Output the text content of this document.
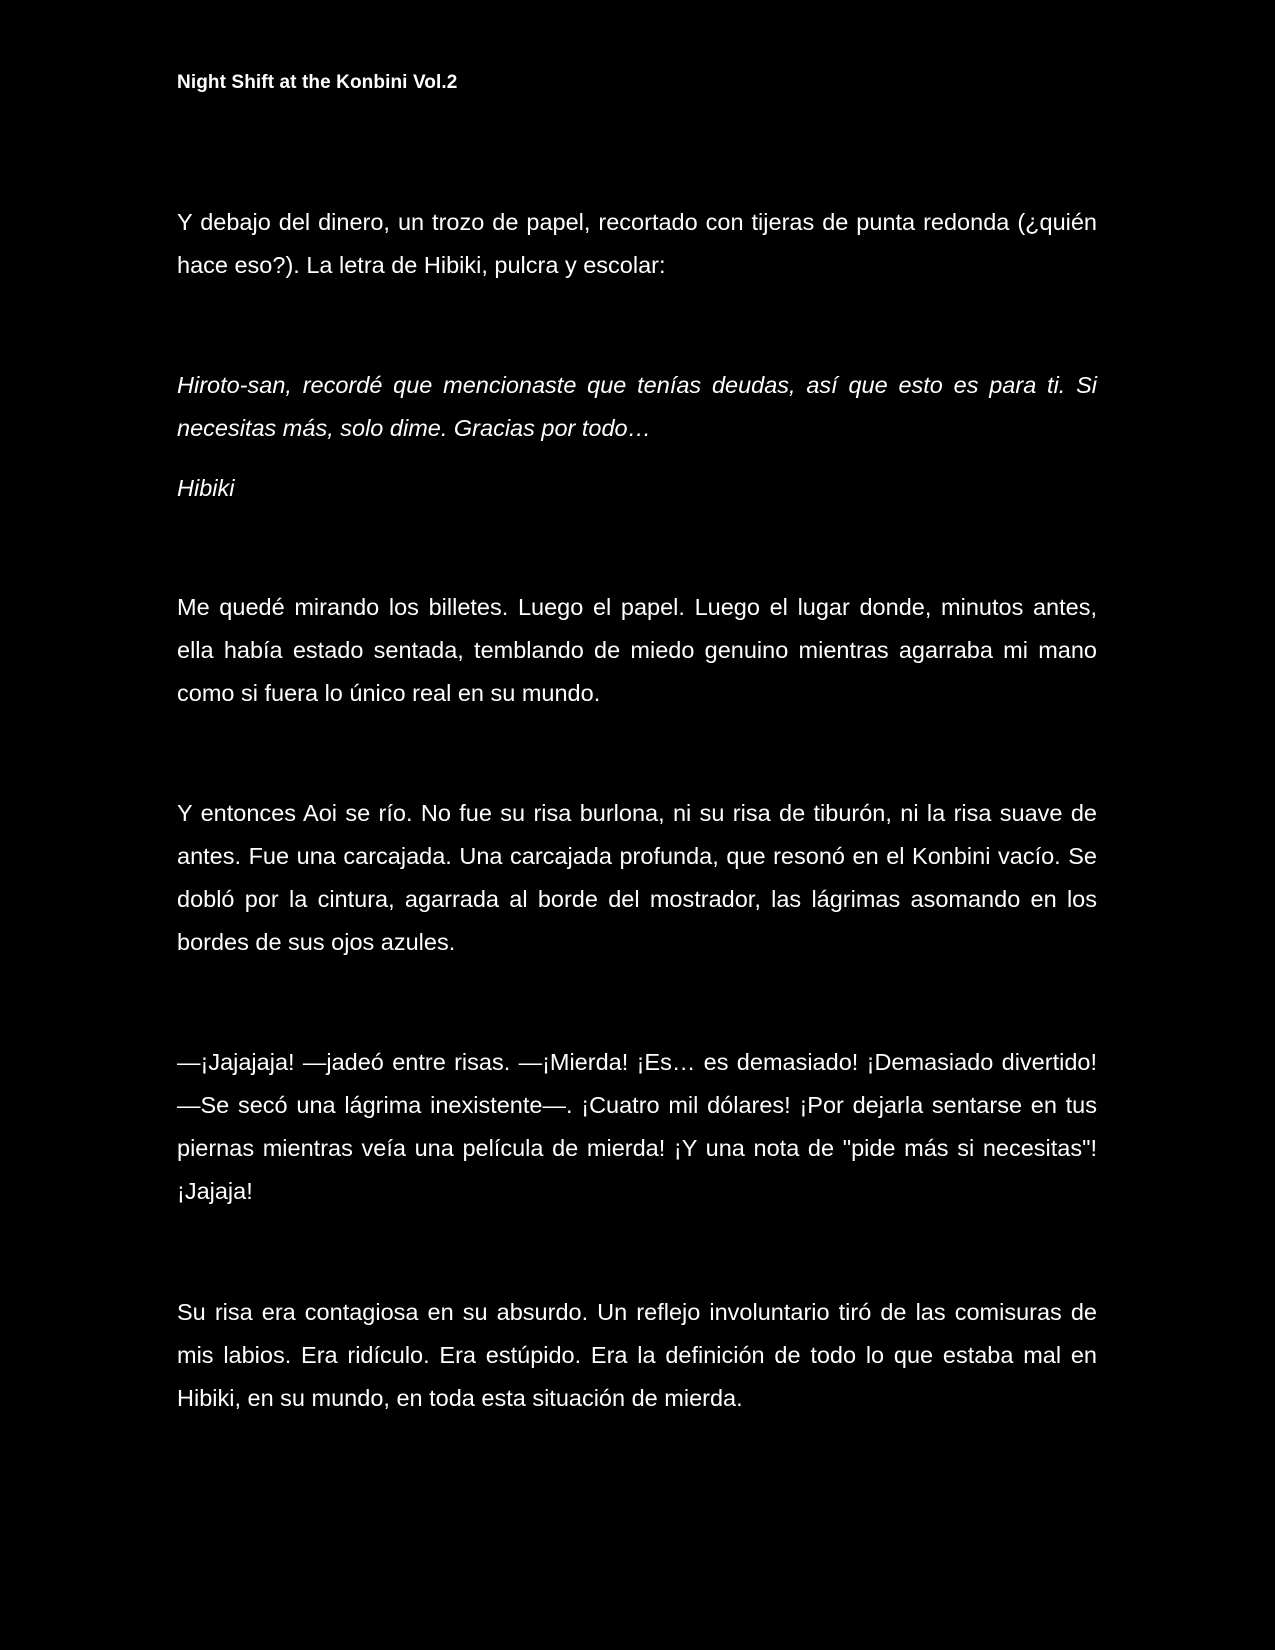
Night Shift at the Konbini Vol.2

Y debajo del dinero, un trozo de papel, recortado con tijeras de punta redonda (¿quién hace eso?). La letra de Hibiki, pulcra y escolar:

Hiroto-san, recordé que mencionaste que tenías deudas, así que esto es para ti. Si necesitas más, solo dime. Gracias por todo…

Hibiki

Me quedé mirando los billetes. Luego el papel. Luego el lugar donde, minutos antes, ella había estado sentada, temblando de miedo genuino mientras agarraba mi mano como si fuera lo único real en su mundo.

Y entonces Aoi se río. No fue su risa burlona, ni su risa de tiburón, ni la risa suave de antes. Fue una carcajada. Una carcajada profunda, que resonó en el Konbini vacío. Se dobló por la cintura, agarrada al borde del mostrador, las lágrimas asomando en los bordes de sus ojos azules.

—¡Jajajaja! —jadeó entre risas. —¡Mierda! ¡Es… es demasiado! ¡Demasiado divertido! —Se secó una lágrima inexistente—. ¡Cuatro mil dólares! ¡Por dejarla sentarse en tus piernas mientras veía una película de mierda! ¡Y una nota de "pide más si necesitas"! ¡Jajaja!

Su risa era contagiosa en su absurdo. Un reflejo involuntario tiró de las comisuras de mis labios. Era ridículo. Era estúpido. Era la definición de todo lo que estaba mal en Hibiki, en su mundo, en toda esta situación de mierda.
